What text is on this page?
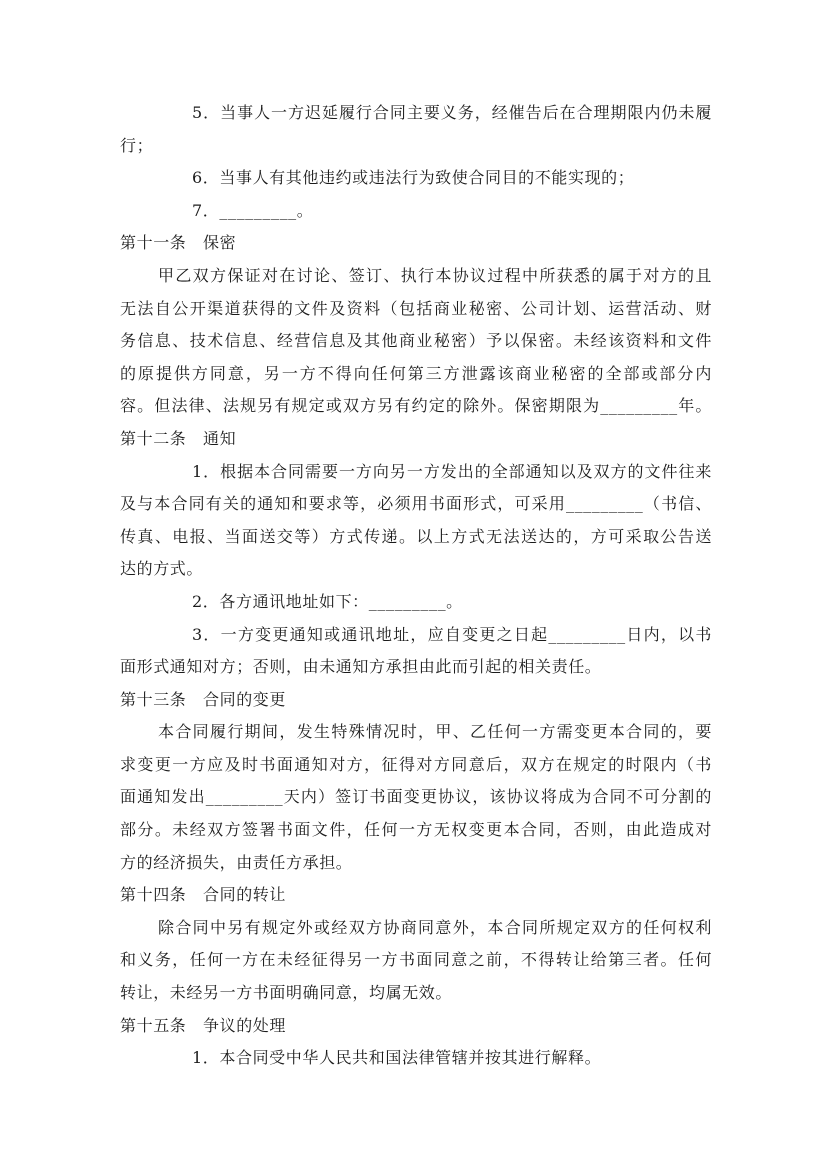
5．当事人一方迟延履行合同主要义务，经催告后在合理期限内仍未履
行；
6．当事人有其他违约或违法行为致使合同目的不能实现的；
7．_________。
第十一条　保密
甲乙双方保证对在讨论、签订、执行本协议过程中所获悉的属于对方的且
无法自公开渠道获得的文件及资料（包括商业秘密、公司计划、运营活动、财
务信息、技术信息、经营信息及其他商业秘密）予以保密。未经该资料和文件
的原提供方同意，另一方不得向任何第三方泄露该商业秘密的全部或部分内
容。但法律、法规另有规定或双方另有约定的除外。保密期限为_________年。
第十二条　通知
1．根据本合同需要一方向另一方发出的全部通知以及双方的文件往来
及与本合同有关的通知和要求等，必须用书面形式，可采用_________（书信、
传真、电报、当面送交等）方式传递。以上方式无法送达的，方可采取公告送
达的方式。
2．各方通讯地址如下：_________。
3．一方变更通知或通讯地址，应自变更之日起_________日内，以书
面形式通知对方；否则，由未通知方承担由此而引起的相关责任。
第十三条　合同的变更
本合同履行期间，发生特殊情况时，甲、乙任何一方需变更本合同的，要
求变更一方应及时书面通知对方，征得对方同意后，双方在规定的时限内（书
面通知发出_________天内）签订书面变更协议，该协议将成为合同不可分割的
部分。未经双方签署书面文件，任何一方无权变更本合同，否则，由此造成对
方的经济损失，由责任方承担。
第十四条　合同的转让
除合同中另有规定外或经双方协商同意外，本合同所规定双方的任何权利
和义务，任何一方在未经征得另一方书面同意之前，不得转让给第三者。任何
转让，未经另一方书面明确同意，均属无效。
第十五条　争议的处理
1．本合同受中华人民共和国法律管辖并按其进行解释。
